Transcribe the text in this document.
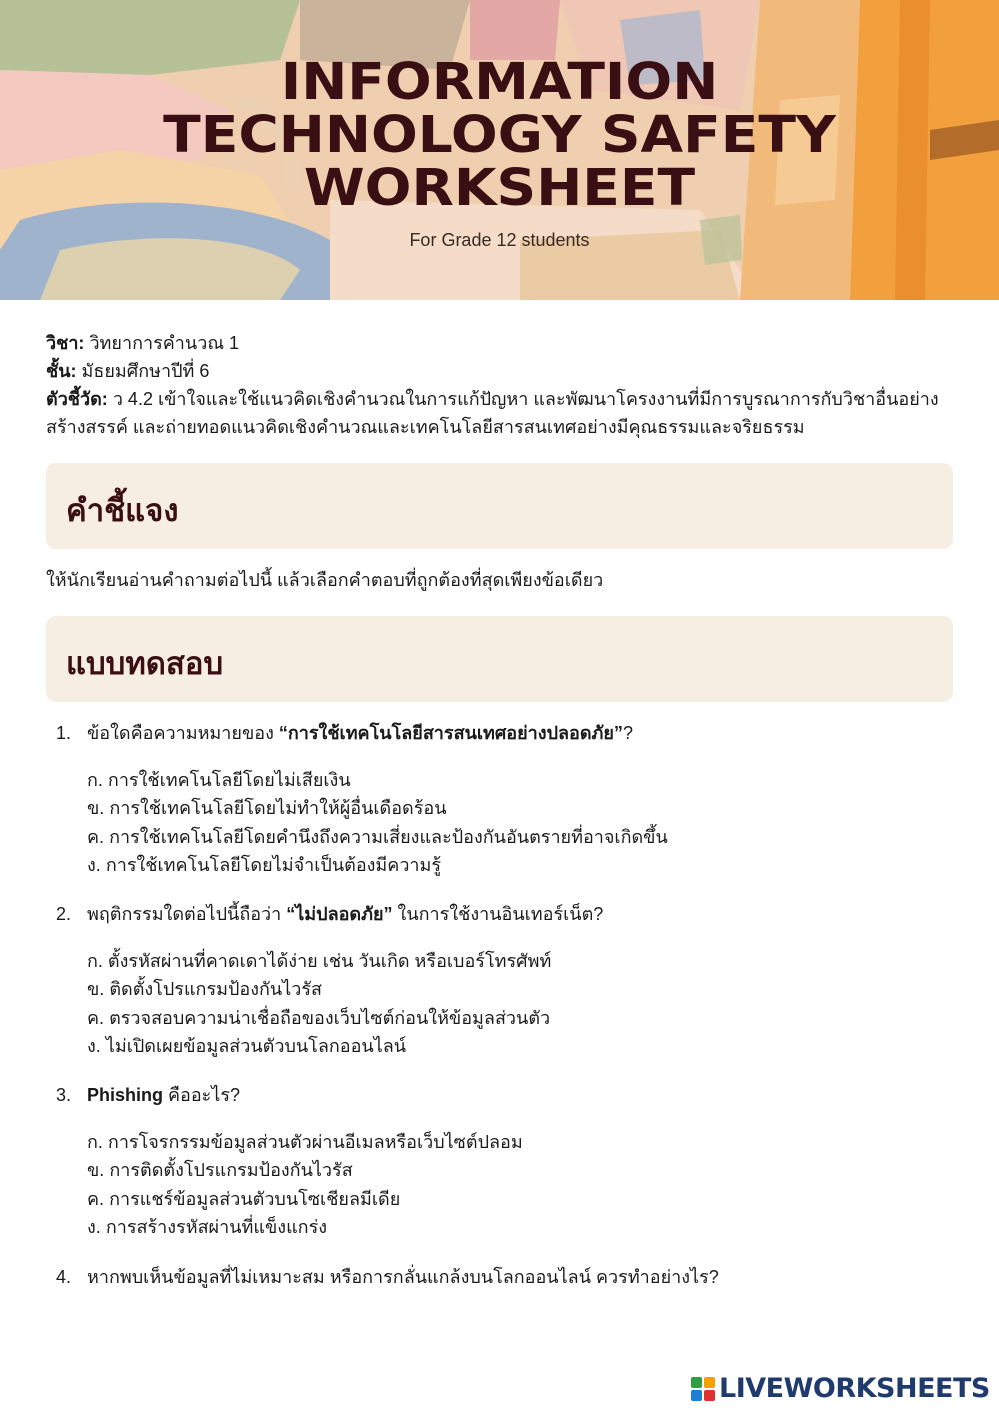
INFORMATION
TECHNOLOGY SAFETY
WORKSHEET
For Grade 12 students
วิชา: วิทยาการคำนวณ 1
ชั้น: มัธยมศึกษาปีที่ 6
ตัวชี้วัด: ว 4.2 เข้าใจและใช้แนวคิดเชิงคำนวณในการแก้ปัญหา และพัฒนาโครงงานที่มีการบูรณาการกับวิชาอื่นอย่าง
สร้างสรรค์ และถ่ายทอดแนวคิดเชิงคำนวณและเทคโนโลยีสารสนเทศอย่างมีคุณธรรมและจริยธรรม
คำชี้แจง
ให้นักเรียนอ่านคำถามต่อไปนี้ แล้วเลือกคำตอบที่ถูกต้องที่สุดเพียงข้อเดียว
แบบทดสอบ
1. ข้อใดคือความหมายของ “การใช้เทคโนโลยีสารสนเทศอย่างปลอดภัย”?
ก. การใช้เทคโนโลยีโดยไม่เสียเงิน
ข. การใช้เทคโนโลยีโดยไม่ทำให้ผู้อื่นเดือดร้อน
ค. การใช้เทคโนโลยีโดยคำนึงถึงความเสี่ยงและป้องกันอันตรายที่อาจเกิดขึ้น
ง. การใช้เทคโนโลยีโดยไม่จำเป็นต้องมีความรู้
2. พฤติกรรมใดต่อไปนี้ถือว่า “ไม่ปลอดภัย” ในการใช้งานอินเทอร์เน็ต?
ก. ตั้งรหัสผ่านที่คาดเดาได้ง่าย เช่น วันเกิด หรือเบอร์โทรศัพท์
ข. ติดตั้งโปรแกรมป้องกันไวรัส
ค. ตรวจสอบความน่าเชื่อถือของเว็บไซต์ก่อนให้ข้อมูลส่วนตัว
ง. ไม่เปิดเผยข้อมูลส่วนตัวบนโลกออนไลน์
3. Phishing คืออะไร?
ก. การโจรกรรมข้อมูลส่วนตัวผ่านอีเมลหรือเว็บไซต์ปลอม
ข. การติดตั้งโปรแกรมป้องกันไวรัส
ค. การแชร์ข้อมูลส่วนตัวบนโซเชียลมีเดีย
ง. การสร้างรหัสผ่านที่แข็งแกร่ง
4. หากพบเห็นข้อมูลที่ไม่เหมาะสม หรือการกลั่นแกล้งบนโลกออนไลน์ ควรทำอย่างไร?
LIVEWORKSHEETS
